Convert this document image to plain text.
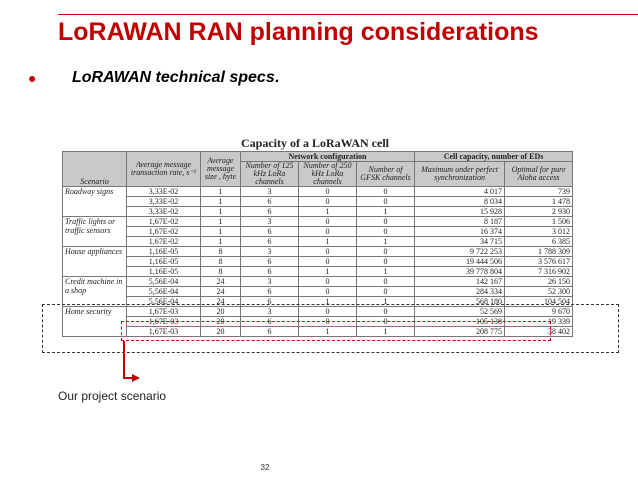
LoRAWAN RAN planning considerations
● LoRAWAN technical specs.
Capacity of a LoRaWAN cell
Scenario	Average message transaction rate, s⁻¹	Average message size , byte	Network configuration			Cell capacity, number of EDs	
			Number of 125 kHz LoRa channels	Number of 250 kHz LoRa channels	Number of GFSK channels	Maximum under perfect synchronization	Optimal for pure Aloha access
Roadway signs	3,33E-02	1	3	0	0	4 017	739
	3,33E-02	1	6	0	0	8 034	1 478
	3,33E-02	1	6	1	1	15 928	2 930
Traffic lights or traffic sensors	1,67E-02	1	3	0	0	8 187	1 506
	1,67E-02	1	6	0	0	16 374	3 012
	1,67E-02	1	6	1	1	34 715	6 385
House appliances	1,16E-05	8	3	0	0	9 722 253	1 788 309
	1,16E-05	8	6	0	0	19 444 506	3 576 617
	1,16E-05	8	6	1	1	39 778 804	7 316 902
Credit machine in a shop	5,56E-04	24	3	0	0	142 167	26 150
	5,56E-04	24	6	0	0	284 334	52 300
	5,56E-04	24	6	1	1	568 180	104 504
Home security	1,67E-03	20	3	0	0	52 569	9 670
	1,67E-03	20	6	0	0	105 138	19 339
	1,67E-03	20	6	1	1	208 775	38 402
Our project scenario
32
